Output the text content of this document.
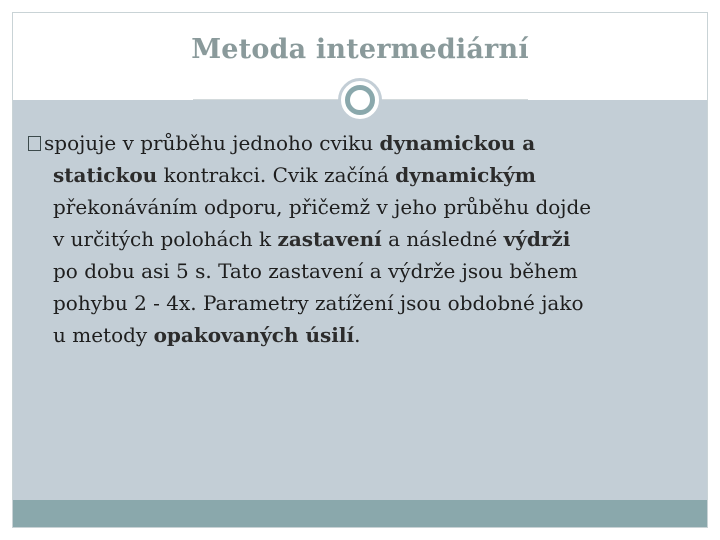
Metoda intermediární
spojuje v průběhu jednoho cviku dynamickou a
statickou kontrakci. Cvik začíná dynamickým
překonáváním odporu, přičemž v jeho průběhu dojde
v určitých polohách k zastavení a následné výdrži
po dobu asi 5 s. Tato zastavení a výdrže jsou během
pohybu 2 - 4x. Parametry zatížení jsou obdobné jako
u metody opakovaných úsilí.
